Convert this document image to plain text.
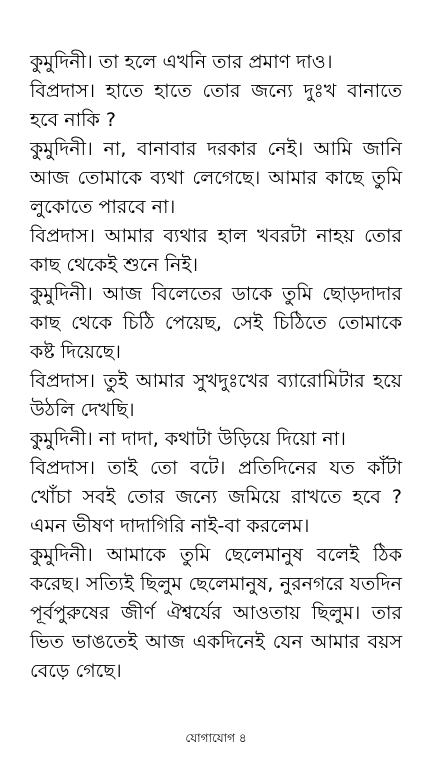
কুমুদিনী। তা হলে এখনি তার প্রমাণ দাও।

বিপ্রদাস। হাতে হাতে তোর জন্যে দুঃখ বানাতে হবে নাকি ?

কুমুদিনী। না, বানাবার দরকার নেই। আমি জানি আজ তোমাকে ব্যথা লেগেছে। আমার কাছে তুমি লুকোতে পারবে না।

বিপ্রদাস। আমার ব্যথার হাল খবরটা নাহয় তোর কাছ থেকেই শুনে নিই।

কুমুদিনী। আজ বিলেতের ডাকে তুমি ছোড়দাদার কাছ থেকে চিঠি পেয়েছ, সেই চিঠিতে তোমাকে কষ্ট দিয়েছে।

বিপ্রদাস। তুই আমার সুখদুঃখের ব্যারোমিটার হয়ে উঠলি দেখছি।

কুমুদিনী। না দাদা, কথাটা উড়িয়ে দিয়ো না।

বিপ্রদাস। তাই তো বটে। প্রতিদিনের যত কাঁটা খোঁচা সবই তোর জন্যে জমিয়ে রাখতে হবে ? এমন ভীষণ দাদাগিরি নাই-বা করলেম।

কুমুদিনী। আমাকে তুমি ছেলেমানুষ বলেই ঠিক করেছ। সত্যিই ছিলুম ছেলেমানুষ, নুরনগরে যতদিন পূর্বপুরুষের জীর্ণ ঐশ্বর্যের আওতায় ছিলুম। তার ভিত ভাঙতেই আজ একদিনেই যেন আমার বয়স বেড়ে গেছে।

যোগাযোগ ৪
